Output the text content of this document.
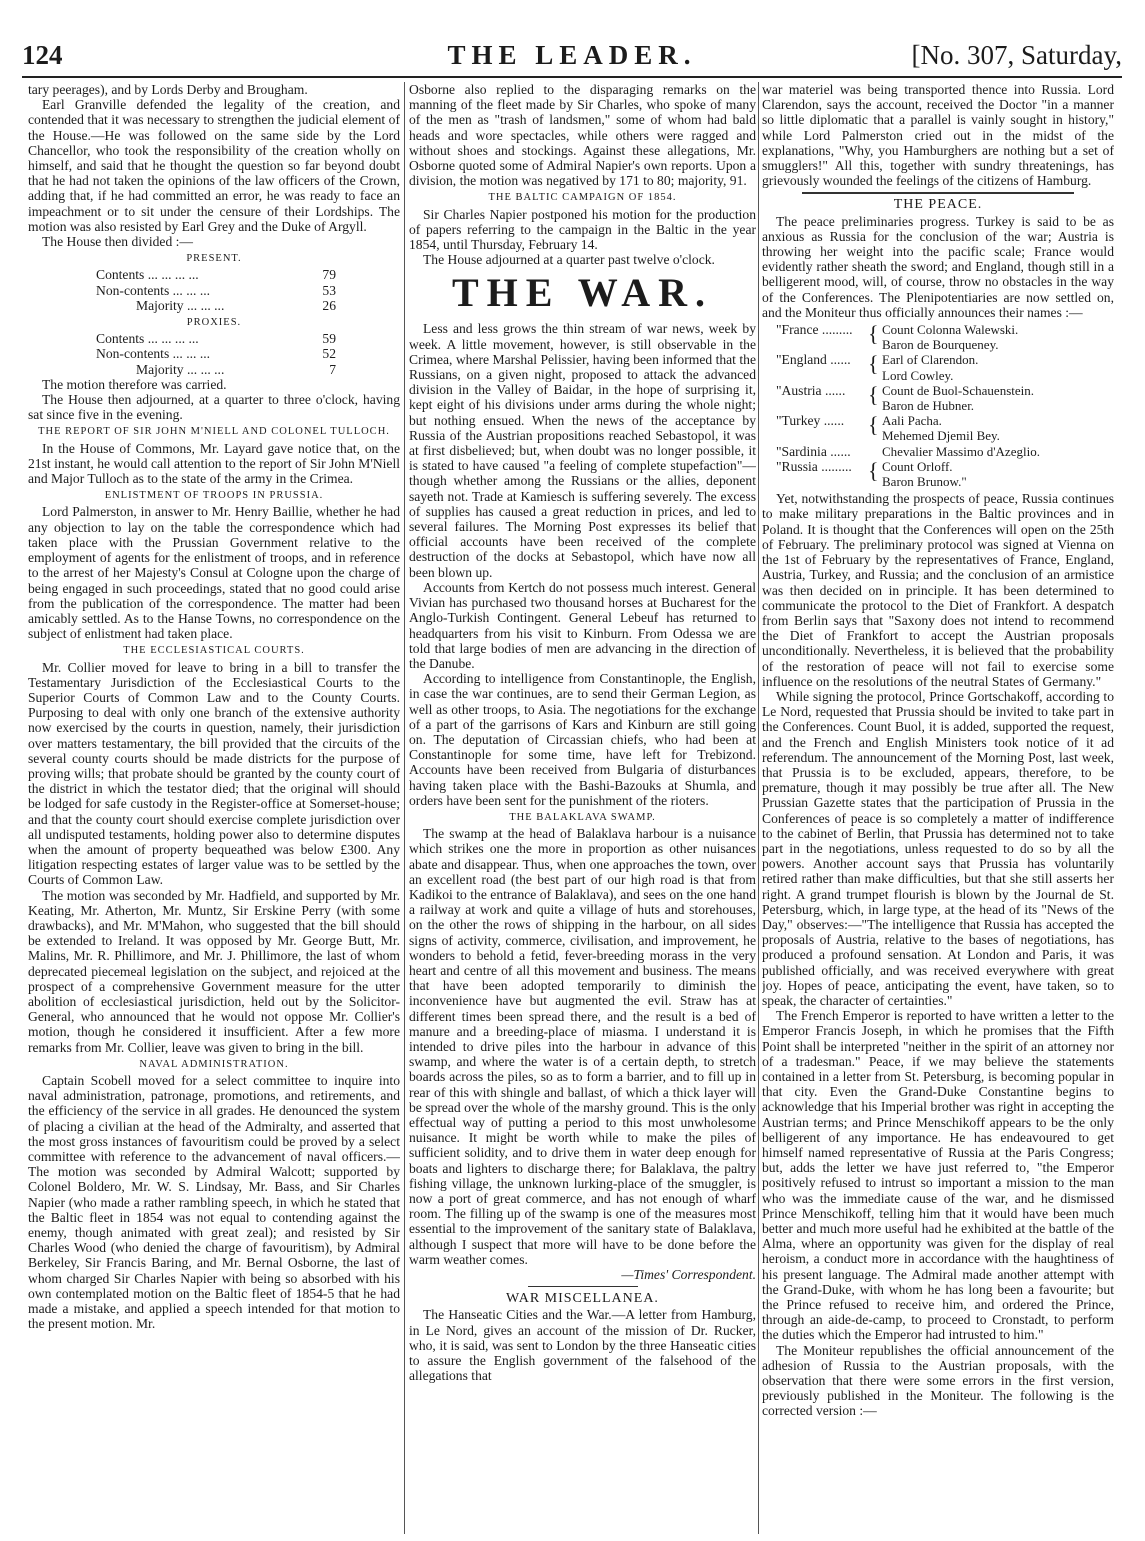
124	THE LEADER.	[No. 307, Saturday,

tary peerages), and by Lords Derby and Brougham.

Earl Granville defended the legality of the creation, and contended that it was necessary to strengthen the judicial element of the House.—He was followed on the same side by the Lord Chancellor, who took the responsibility of the creation wholly on himself, and said that he thought the question so far beyond doubt that he had not taken the opinions of the law officers of the Crown, adding that, if he had committed an error, he was ready to face an impeachment or to sit under the censure of their Lordships. The motion was also resisted by Earl Grey and the Duke of Argyll.

The House then divided :—

PRESENT.
Contents ... ... ... ...	79
Non-contents ... ... ...	53
Majority ... ... ...	26
PROXIES.
Contents ... ... ... ...	59
Non-contents ... ... ...	52
Majority ... ... ...	7

The motion therefore was carried.

The House then adjourned, at a quarter to three o'clock, having sat since five in the evening.

THE REPORT OF SIR JOHN M'NIELL AND COLONEL TULLOCH.

In the House of Commons, Mr. Layard gave notice that, on the 21st instant, he would call attention to the report of Sir John M'Niell and Major Tulloch as to the state of the army in the Crimea.

ENLISTMENT OF TROOPS IN PRUSSIA.

Lord Palmerston, in answer to Mr. Henry Baillie, whether he had any objection to lay on the table the correspondence which had taken place with the Prussian Government relative to the employment of agents for the enlistment of troops, and in reference to the arrest of her Majesty's Consul at Cologne upon the charge of being engaged in such proceedings, stated that no good could arise from the publication of the correspondence. The matter had been amicably settled. As to the Hanse Towns, no correspondence on the subject of enlistment had taken place.

THE ECCLESIASTICAL COURTS.

Mr. Collier moved for leave to bring in a bill to transfer the Testamentary Jurisdiction of the Ecclesiastical Courts to the Superior Courts of Common Law and to the County Courts. Purposing to deal with only one branch of the extensive authority now exercised by the courts in question, namely, their jurisdiction over matters testamentary, the bill provided that the circuits of the several county courts should be made districts for the purpose of proving wills; that probate should be granted by the county court of the district in which the testator died; that the original will should be lodged for safe custody in the Register-office at Somerset-house; and that the county court should exercise complete jurisdiction over all undisputed testaments, holding power also to determine disputes when the amount of property bequeathed was below £300. Any litigation respecting estates of larger value was to be settled by the Courts of Common Law.

The motion was seconded by Mr. Hadfield, and supported by Mr. Keating, Mr. Atherton, Mr. Muntz, Sir Erskine Perry (with some drawbacks), and Mr. M'Mahon, who suggested that the bill should be extended to Ireland. It was opposed by Mr. George Butt, Mr. Malins, Mr. R. Phillimore, and Mr. J. Phillimore, the last of whom deprecated piecemeal legislation on the subject, and rejoiced at the prospect of a comprehensive Government measure for the utter abolition of ecclesiastical jurisdiction, held out by the Solicitor-General, who announced that he would not oppose Mr. Collier's motion, though he considered it insufficient. After a few more remarks from Mr. Collier, leave was given to bring in the bill.

NAVAL ADMINISTRATION.

Captain Scobell moved for a select committee to inquire into naval administration, patronage, promotions, and retirements, and the efficiency of the service in all grades. He denounced the system of placing a civilian at the head of the Admiralty, and asserted that the most gross instances of favouritism could be proved by a select committee with reference to the advancement of naval officers.—The motion was seconded by Admiral Walcott; supported by Colonel Boldero, Mr. W. S. Lindsay, Mr. Bass, and Sir Charles Napier (who made a rather rambling speech, in which he stated that the Baltic fleet in 1854 was not equal to contending against the enemy, though animated with great zeal); and resisted by Sir Charles Wood (who denied the charge of favouritism), by Admiral Berkeley, Sir Francis Baring, and Mr. Bernal Osborne, the last of whom charged Sir Charles Napier with being so absorbed with his own contemplated motion on the Baltic fleet of 1854-5 that he had made a mistake, and applied a speech intended for that motion to the present motion. Mr.

Osborne also replied to the disparaging remarks on the manning of the fleet made by Sir Charles, who spoke of many of the men as "trash of landsmen," some of whom had bald heads and wore spectacles, while others were ragged and without shoes and stockings. Against these allegations, Mr. Osborne quoted some of Admiral Napier's own reports. Upon a division, the motion was negatived by 171 to 80; majority, 91.

THE BALTIC CAMPAIGN OF 1854.

Sir Charles Napier postponed his motion for the production of papers referring to the campaign in the Baltic in the year 1854, until Thursday, February 14.

The House adjourned at a quarter past twelve o'clock.

THE WAR.

Less and less grows the thin stream of war news, week by week. A little movement, however, is still observable in the Crimea, where Marshal Pelissier, having been informed that the Russians, on a given night, proposed to attack the advanced division in the Valley of Baidar, in the hope of surprising it, kept eight of his divisions under arms during the whole night; but nothing ensued. When the news of the acceptance by Russia of the Austrian propositions reached Sebastopol, it was at first disbelieved; but, when doubt was no longer possible, it is stated to have caused "a feeling of complete stupefaction"—though whether among the Russians or the allies, deponent sayeth not. Trade at Kamiesch is suffering severely. The excess of supplies has caused a great reduction in prices, and led to several failures. The Morning Post expresses its belief that official accounts have been received of the complete destruction of the docks at Sebastopol, which have now all been blown up.

Accounts from Kertch do not possess much interest. General Vivian has purchased two thousand horses at Bucharest for the Anglo-Turkish Contingent. General Lebeuf has returned to headquarters from his visit to Kinburn. From Odessa we are told that large bodies of men are advancing in the direction of the Danube.

According to intelligence from Constantinople, the English, in case the war continues, are to send their German Legion, as well as other troops, to Asia. The negotiations for the exchange of a part of the garrisons of Kars and Kinburn are still going on. The deputation of Circassian chiefs, who had been at Constantinople for some time, have left for Trebizond. Accounts have been received from Bulgaria of disturbances having taken place with the Bashi-Bazouks at Shumla, and orders have been sent for the punishment of the rioters.

THE BALAKLAVA SWAMP.

The swamp at the head of Balaklava harbour is a nuisance which strikes one the more in proportion as other nuisances abate and disappear. Thus, when one approaches the town, over an excellent road (the best part of our high road is that from Kadikoi to the entrance of Balaklava), and sees on the one hand a railway at work and quite a village of huts and storehouses, on the other the rows of shipping in the harbour, on all sides signs of activity, commerce, civilisation, and improvement, he wonders to behold a fetid, fever-breeding morass in the very heart and centre of all this movement and business. The means that have been adopted temporarily to diminish the inconvenience have but augmented the evil. Straw has at different times been spread there, and the result is a bed of manure and a breeding-place of miasma. I understand it is intended to drive piles into the harbour in advance of this swamp, and where the water is of a certain depth, to stretch boards across the piles, so as to form a barrier, and to fill up in rear of this with shingle and ballast, of which a thick layer will be spread over the whole of the marshy ground. This is the only effectual way of putting a period to this most unwholesome nuisance. It might be worth while to make the piles of sufficient solidity, and to drive them in water deep enough for boats and lighters to discharge there; for Balaklava, the paltry fishing village, the unknown lurking-place of the smuggler, is now a port of great commerce, and has not enough of wharf room. The filling up of the swamp is one of the measures most essential to the improvement of the sanitary state of Balaklava, although I suspect that more will have to be done before the warm weather comes.

—Times' Correspondent.
WAR MISCELLANEA.

The Hanseatic Cities and the War.—A letter from Hamburg, in Le Nord, gives an account of the mission of Dr. Rucker, who, it is said, was sent to London by the three Hanseatic cities to assure the English government of the falsehood of the allegations that

war materiel was being transported thence into Russia. Lord Clarendon, says the account, received the Doctor "in a manner so little diplomatic that a parallel is vainly sought in history," while Lord Palmerston cried out in the midst of the explanations, "Why, you Hamburghers are nothing but a set of smugglers!" All this, together with sundry threatenings, has grievously wounded the feelings of the citizens of Hamburg.

THE PEACE.

The peace preliminaries progress. Turkey is said to be as anxious as Russia for the conclusion of the war; Austria is throwing her weight into the pacific scale; France would evidently rather sheath the sword; and England, though still in a belligerent mood, will, of course, throw no obstacles in the way of the Conferences. The Plenipotentiaries are now settled on, and the Moniteur thus officially announces their names :—

"France ......... { Count Colonna Walewski.
Baron de Bourqueney.
"England ...... { Earl of Clarendon.
Lord Cowley.
"Austria ......	{ Count de Buol-Schauenstein.
Baron de Hubner.
"Turkey ......	{ Aali Pacha.
Mehemed Djemil Bey.
"Sardinia ......	Chevalier Massimo d'Azeglio.
"Russia ......... { Count Orloff.
Baron Brunow."

Yet, notwithstanding the prospects of peace, Russia continues to make military preparations in the Baltic provinces and in Poland. It is thought that the Conferences will open on the 25th of February. The preliminary protocol was signed at Vienna on the 1st of February by the representatives of France, England, Austria, Turkey, and Russia; and the conclusion of an armistice was then decided on in principle. It has been determined to communicate the protocol to the Diet of Frankfort. A despatch from Berlin says that "Saxony does not intend to recommend the Diet of Frankfort to accept the Austrian proposals unconditionally. Nevertheless, it is believed that the probability of the restoration of peace will not fail to exercise some influence on the resolutions of the neutral States of Germany."

While signing the protocol, Prince Gortschakoff, according to Le Nord, requested that Prussia should be invited to take part in the Conferences. Count Buol, it is added, supported the request, and the French and English Ministers took notice of it ad referendum. The announcement of the Morning Post, last week, that Prussia is to be excluded, appears, therefore, to be premature, though it may possibly be true after all. The New Prussian Gazette states that the participation of Prussia in the Conferences of peace is so completely a matter of indifference to the cabinet of Berlin, that Prussia has determined not to take part in the negotiations, unless requested to do so by all the powers. Another account says that Prussia has voluntarily retired rather than make difficulties, but that she still asserts her right. A grand trumpet flourish is blown by the Journal de St. Petersburg, which, in large type, at the head of its "News of the Day," observes:—"The intelligence that Russia has accepted the proposals of Austria, relative to the bases of negotiations, has produced a profound sensation. At London and Paris, it was published officially, and was received everywhere with great joy. Hopes of peace, anticipating the event, have taken, so to speak, the character of certainties."

The French Emperor is reported to have written a letter to the Emperor Francis Joseph, in which he promises that the Fifth Point shall be interpreted "neither in the spirit of an attorney nor of a tradesman." Peace, if we may believe the statements contained in a letter from St. Petersburg, is becoming popular in that city. Even the Grand-Duke Constantine begins to acknowledge that his Imperial brother was right in accepting the Austrian terms; and Prince Menschikoff appears to be the only belligerent of any importance. He has endeavoured to get himself named representative of Russia at the Paris Congress; but, adds the letter we have just referred to, "the Emperor positively refused to intrust so important a mission to the man who was the immediate cause of the war, and he dismissed Prince Menschikoff, telling him that it would have been much better and much more useful had he exhibited at the battle of the Alma, where an opportunity was given for the display of real heroism, a conduct more in accordance with the haughtiness of his present language. The Admiral made another attempt with the Grand-Duke, with whom he has long been a favourite; but the Prince refused to receive him, and ordered the Prince, through an aide-de-camp, to proceed to Cronstadt, to perform the duties which the Emperor had intrusted to him."

The Moniteur republishes the official announcement of the adhesion of Russia to the Austrian proposals, with the observation that there were some errors in the first version, previously published in the Moniteur. The following is the corrected version :—
